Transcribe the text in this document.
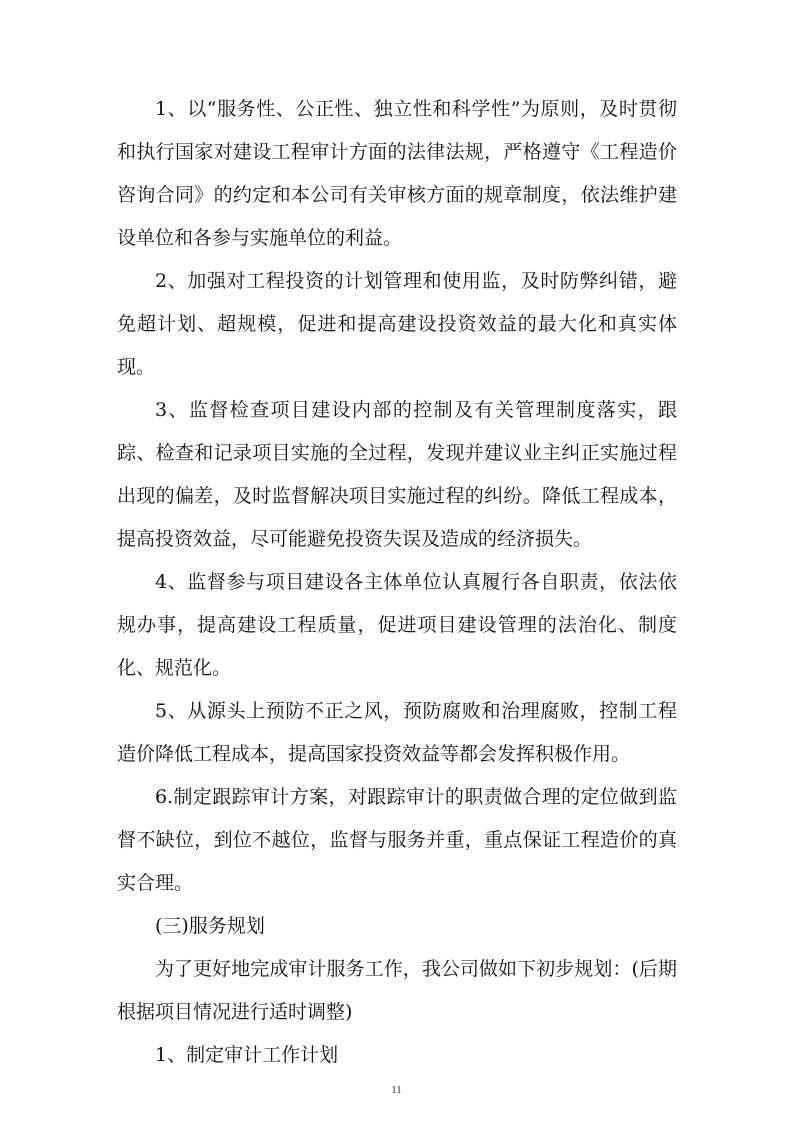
1、以“服务性、公正性、独立性和科学性”为原则，及时贯彻和执行国家对建设工程审计方面的法律法规，严格遵守《工程造价咨询合同》的约定和本公司有关审核方面的规章制度，依法维护建设单位和各参与实施单位的利益。

2、加强对工程投资的计划管理和使用监，及时防弊纠错，避免超计划、超规模，促进和提高建设投资效益的最大化和真实体现。

3、监督检查项目建设内部的控制及有关管理制度落实，跟踪、检查和记录项目实施的全过程，发现并建议业主纠正实施过程出现的偏差，及时监督解决项目实施过程的纠纷。降低工程成本，提高投资效益，尽可能避免投资失误及造成的经济损失。

4、监督参与项目建设各主体单位认真履行各自职责，依法依规办事，提高建设工程质量，促进项目建设管理的法治化、制度化、规范化。

5、从源头上预防不正之风，预防腐败和治理腐败，控制工程造价降低工程成本，提高国家投资效益等都会发挥积极作用。

6.制定跟踪审计方案，对跟踪审计的职责做合理的定位做到监督不缺位，到位不越位，监督与服务并重，重点保证工程造价的真实合理。

(三)服务规划

为了更好地完成审计服务工作，我公司做如下初步规划：(后期根据项目情况进行适时调整)

1、制定审计工作计划

11
